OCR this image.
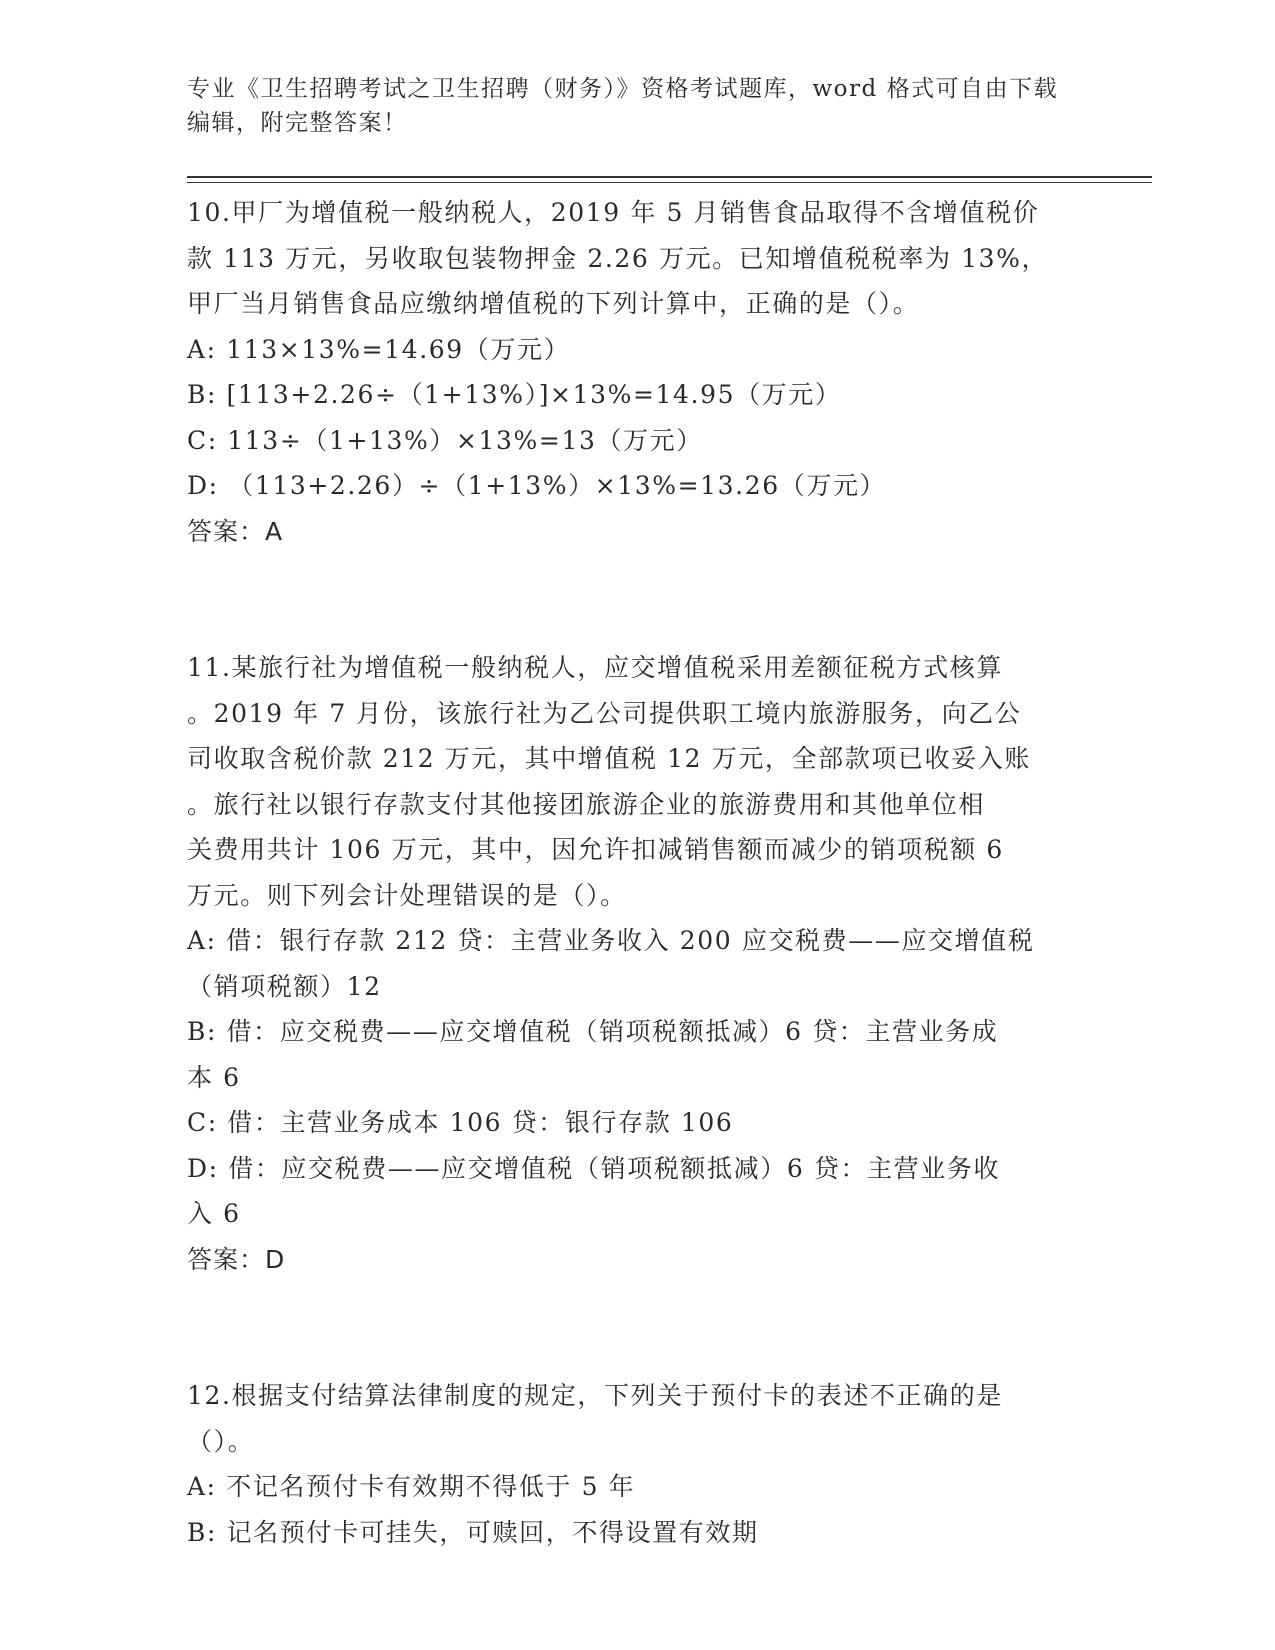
专业《卫生招聘考试之卫生招聘（财务）》资格考试题库，word 格式可自由下载
编辑，附完整答案！

10.甲厂为增值税一般纳税人，2019 年 5 月销售食品取得不含增值税价

款 113 万元，另收取包装物押金 2.26 万元。已知增值税税率为 13%，

甲厂当月销售食品应缴纳增值税的下列计算中，正确的是（）。

A: 113×13%=14.69（万元）

B: [113+2.26÷（1+13%）]×13%=14.95（万元）

C: 113÷（1+13%）×13%=13（万元）

D: （113+2.26）÷（1+13%）×13%=13.26（万元）

答案：A

11.某旅行社为增值税一般纳税人，应交增值税采用差额征税方式核算

。2019 年 7 月份，该旅行社为乙公司提供职工境内旅游服务，向乙公

司收取含税价款 212 万元，其中增值税 12 万元，全部款项已收妥入账

。旅行社以银行存款支付其他接团旅游企业的旅游费用和其他单位相

关费用共计 106 万元，其中，因允许扣减销售额而减少的销项税额 6

万元。则下列会计处理错误的是（）。

A: 借：银行存款 212 贷：主营业务收入 200 应交税费——应交增值税

（销项税额）12

B: 借：应交税费——应交增值税（销项税额抵减）6 贷：主营业务成

本 6

C: 借：主营业务成本 106 贷：银行存款 106

D: 借：应交税费——应交增值税（销项税额抵减）6 贷：主营业务收

入 6

答案：D

12.根据支付结算法律制度的规定，下列关于预付卡的表述不正确的是

（）。

A: 不记名预付卡有效期不得低于 5 年

B: 记名预付卡可挂失，可赎回，不得设置有效期
